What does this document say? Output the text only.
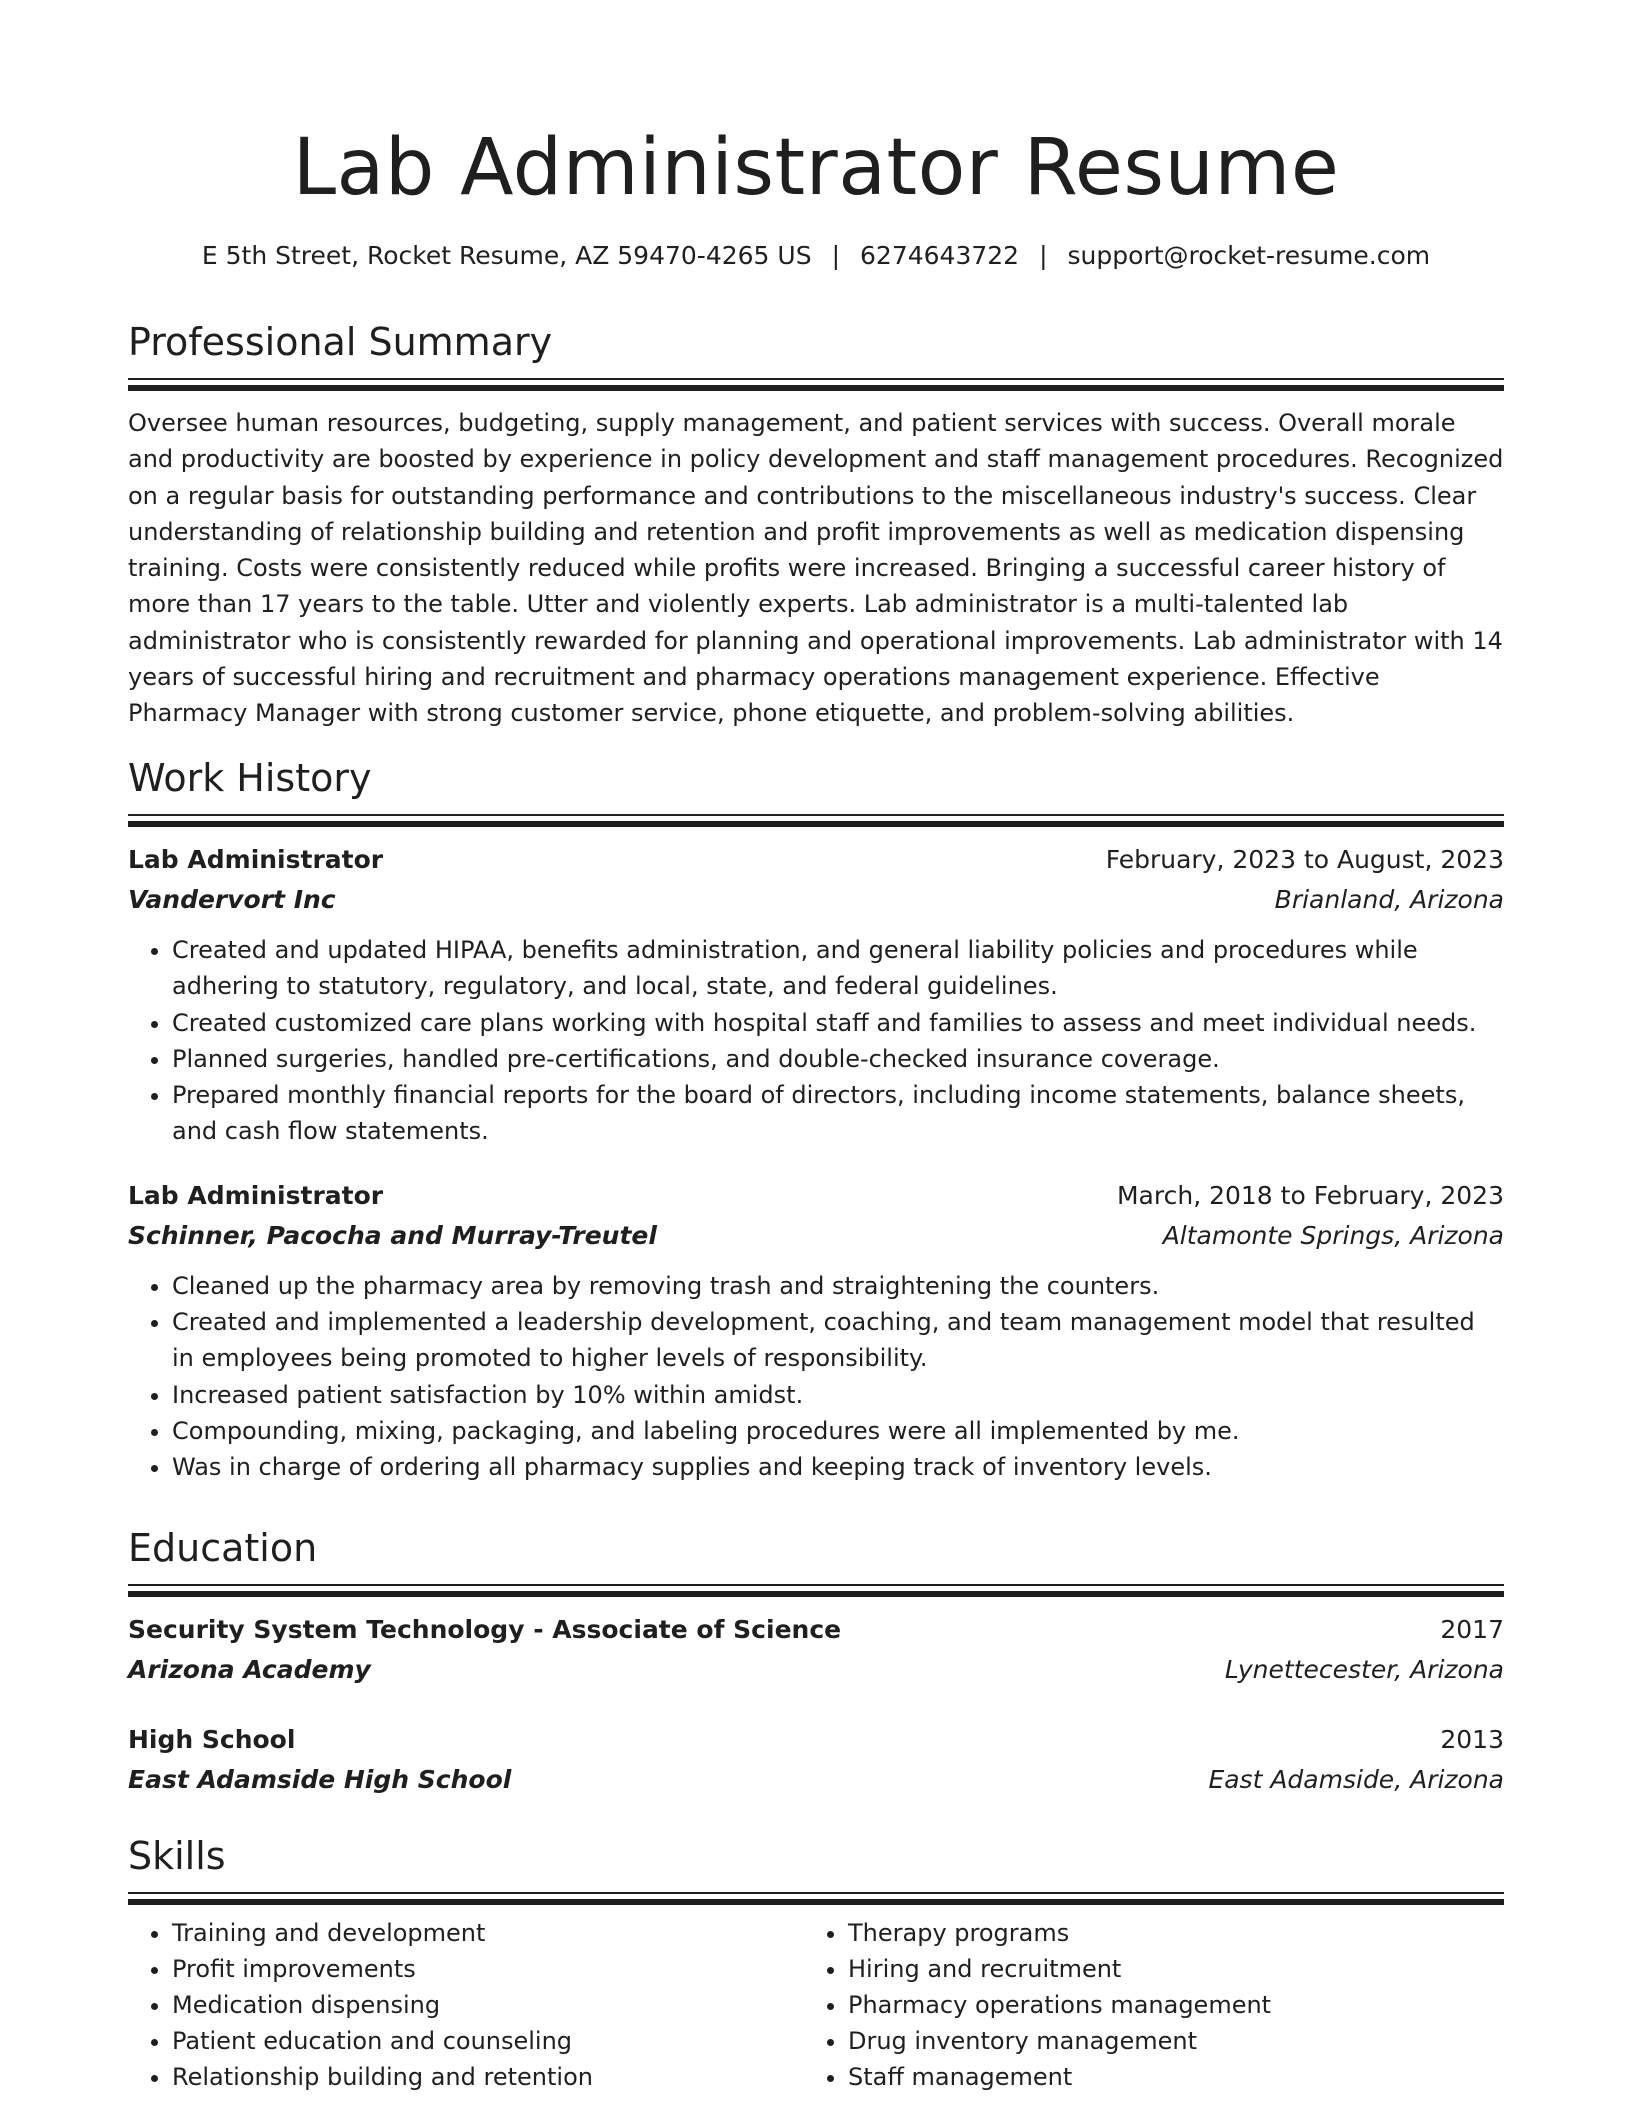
Lab Administrator Resume
E 5th Street, Rocket Resume, AZ 59470-4265 US | 6274643722 | support@rocket-resume.com
Professional Summary

Oversee human resources, budgeting, supply management, and patient services with success. Overall morale and productivity are boosted by experience in policy development and staff management procedures. Recognized on a regular basis for outstanding performance and contributions to the miscellaneous industry's success. Clear understanding of relationship building and retention and profit improvements as well as medication dispensing training. Costs were consistently reduced while profits were increased. Bringing a successful career history of more than 17 years to the table. Utter and violently experts. Lab administrator is a multi-talented lab administrator who is consistently rewarded for planning and operational improvements. Lab administrator with 14 years of successful hiring and recruitment and pharmacy operations management experience. Effective Pharmacy Manager with strong customer service, phone etiquette, and problem-solving abilities.

Work History
Lab Administrator	February, 2023 to August, 2023
Vandervort Inc	Brianland, Arizona
• Created and updated HIPAA, benefits administration, and general liability policies and procedures while adhering to statutory, regulatory, and local, state, and federal guidelines.
• Created customized care plans working with hospital staff and families to assess and meet individual needs.
• Planned surgeries, handled pre-certifications, and double-checked insurance coverage.
• Prepared monthly financial reports for the board of directors, including income statements, balance sheets, and cash flow statements.
Lab Administrator	March, 2018 to February, 2023
Schinner, Pacocha and Murray-Treutel	Altamonte Springs, Arizona
• Cleaned up the pharmacy area by removing trash and straightening the counters.
• Created and implemented a leadership development, coaching, and team management model that resulted in employees being promoted to higher levels of responsibility.
• Increased patient satisfaction by 10% within amidst.
• Compounding, mixing, packaging, and labeling procedures were all implemented by me.
• Was in charge of ordering all pharmacy supplies and keeping track of inventory levels.
Education
Security System Technology - Associate of Science	2017
Arizona Academy	Lynettecester, Arizona
High School	2013
East Adamside High School	East Adamside, Arizona
Skills
• Training and development
• Profit improvements
• Medication dispensing
• Patient education and counseling
• Relationship building and retention
• Therapy programs
• Hiring and recruitment
• Pharmacy operations management
• Drug inventory management
• Staff management
